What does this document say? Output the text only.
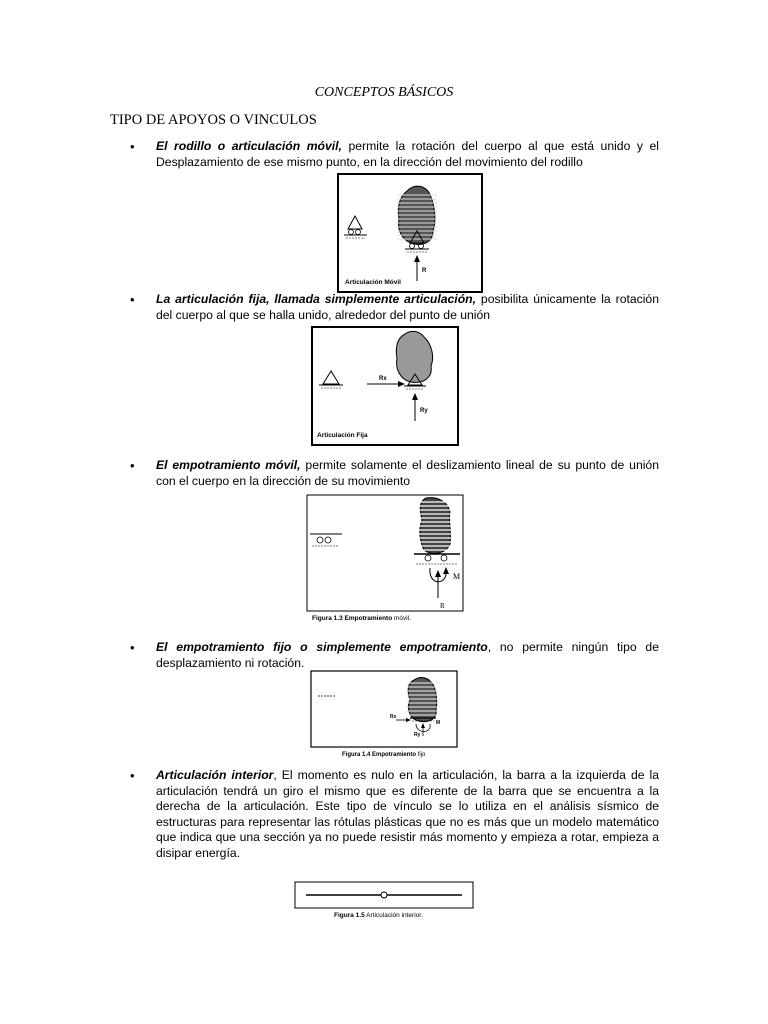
CONCEPTOS BÁSICOS
TIPO DE APOYOS O VINCULOS
• El rodillo o articulación móvil, permite la rotación del cuerpo al que está unido y el Desplazamiento de ese mismo punto, en la dirección del movimiento del rodillo
R
Articulación Móvil
• La articulación fija, llamada simplemente articulación, posibilita únicamente la rotación del cuerpo al que se halla unido, alrededor del punto de unión
Rx
Ry
Articulación Fija
• El empotramiento móvil, permite solamente el deslizamiento lineal de su punto de unión con el cuerpo en la dirección de su movimiento
M
R
Figura 1.3 Empotramiento móvil.
• El empotramiento fijo o simplemente empotramiento, no permite ningún tipo de desplazamiento ni rotación.
Rx
M
Ry
Figura 1.4 Empotramiento fijo
• Articulación interior, El momento es nulo en la articulación, la barra a la izquierda de la articulación tendrá un giro el mismo que es diferente de la barra que se encuentra a la derecha de la articulación. Este tipo de vínculo se lo utiliza en el análisis sísmico de estructuras para representar las rótulas plásticas que no es más que un modelo matemático que indica que una sección ya no puede resistir más momento y empieza a rotar, empieza a disipar energía.
Figura 1.5 Articulación interior.
